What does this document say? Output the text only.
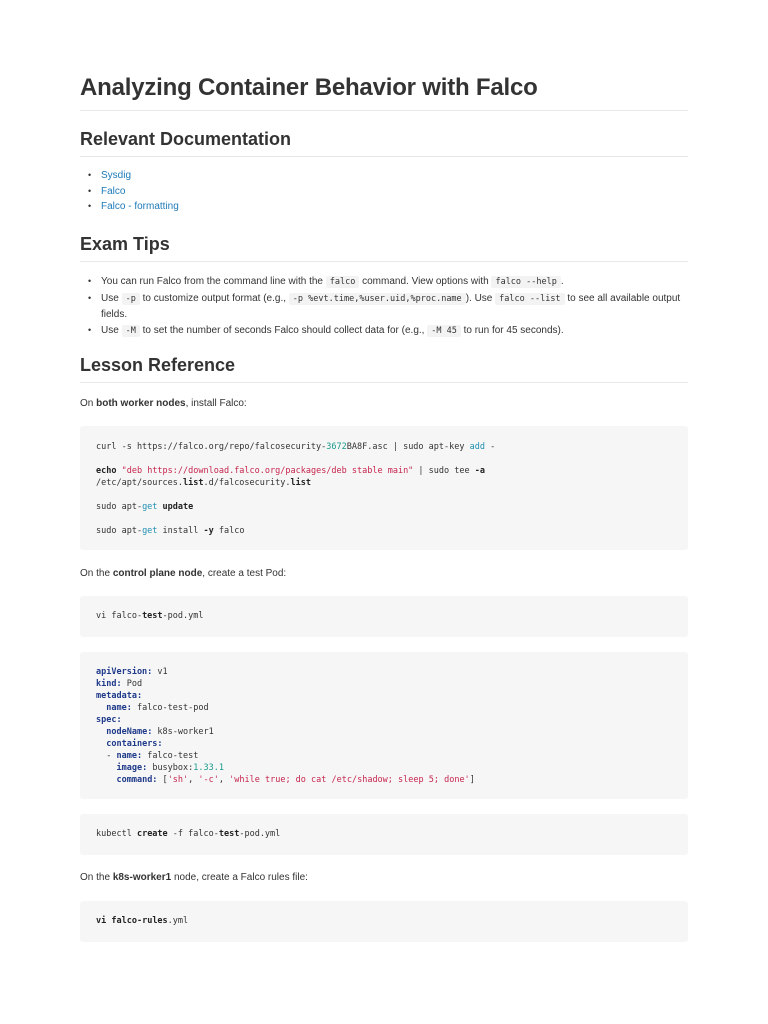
Analyzing Container Behavior with Falco
Relevant Documentation
• Sysdig
• Falco
• Falco - formatting
Exam Tips
• You can run Falco from the command line with the falco command. View options with falco --help .
• Use -p to customize output format (e.g., -p %evt.time,%user.uid,%proc.name ). Use falco --list to see all available output fields.
• Use -M to set the number of seconds Falco should collect data for (e.g., -M 45 to run for 45 seconds).
Lesson Reference

On both worker nodes, install Falco:

curl -s https://falco.org/repo/falcosecurity-3672BA8F.asc | sudo apt-key add -

echo "deb https://download.falco.org/packages/deb stable main" | sudo tee -a
/etc/apt/sources.list.d/falcosecurity.list

sudo apt-get update

sudo apt-get install -y falco

On the control plane node, create a test Pod:

vi falco-test-pod.yml
apiVersion: v1
kind: Pod
metadata:
name: falco-test-pod
spec:
nodeName: k8s-worker1
containers:
- name: falco-test
image: busybox:1.33.1
command: ['sh', '-c', 'while true; do cat /etc/shadow; sleep 5; done']
kubectl create -f falco-test-pod.yml

On the k8s-worker1 node, create a Falco rules file:

vi falco-rules.yml
